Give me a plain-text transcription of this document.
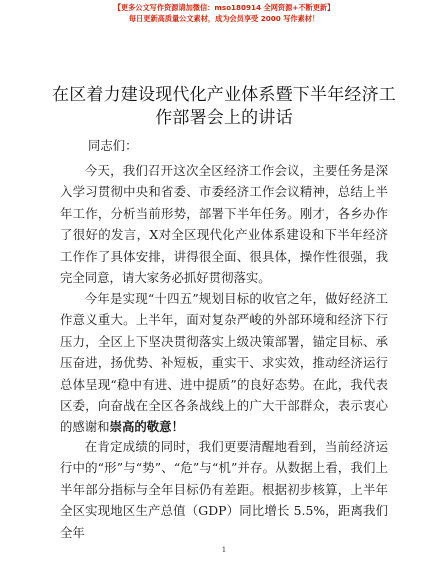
【更多公文写作资源请加微信：mso180914 全网资源+不断更新】
每日更新高质量公文素材，成为会员享受 2000 写作素材！
在区着力建设现代化产业体系暨下半年经济工
作部署会上的讲话
同志们：

今天，我们召开这次全区经济工作会议，主要任务是深入学习贯彻中央和省委、市委经济工作会议精神，总结上半年工作，分析当前形势，部署下半年任务。刚才，各乡办作了很好的发言，X对全区现代化产业体系建设和下半年经济工作作了具体安排，讲得很全面、很具体，操作性很强，我完全同意，请大家务必抓好贯彻落实。

今年是实现“十四五”规划目标的收官之年，做好经济工作意义重大。上半年，面对复杂严峻的外部环境和经济下行压力，全区上下坚决贯彻落实上级决策部署，锚定目标、承压奋进，扬优势、补短板，重实干、求实效，推动经济运行总体呈现“稳中有进、进中提质”的良好态势。在此，我代表区委，向奋战在全区各条战线上的广大干部群众，表示衷心的感谢和崇高的敬意！

在肯定成绩的同时，我们更要清醒地看到，当前经济运行中的“形”与“势”、“危”与“机”并存。从数据上看，我们上半年部分指标与全年目标仍有差距。根据初步核算，上半年全区实现地区生产总值（GDP）同比增长 5.5%，距离我们全年

1
